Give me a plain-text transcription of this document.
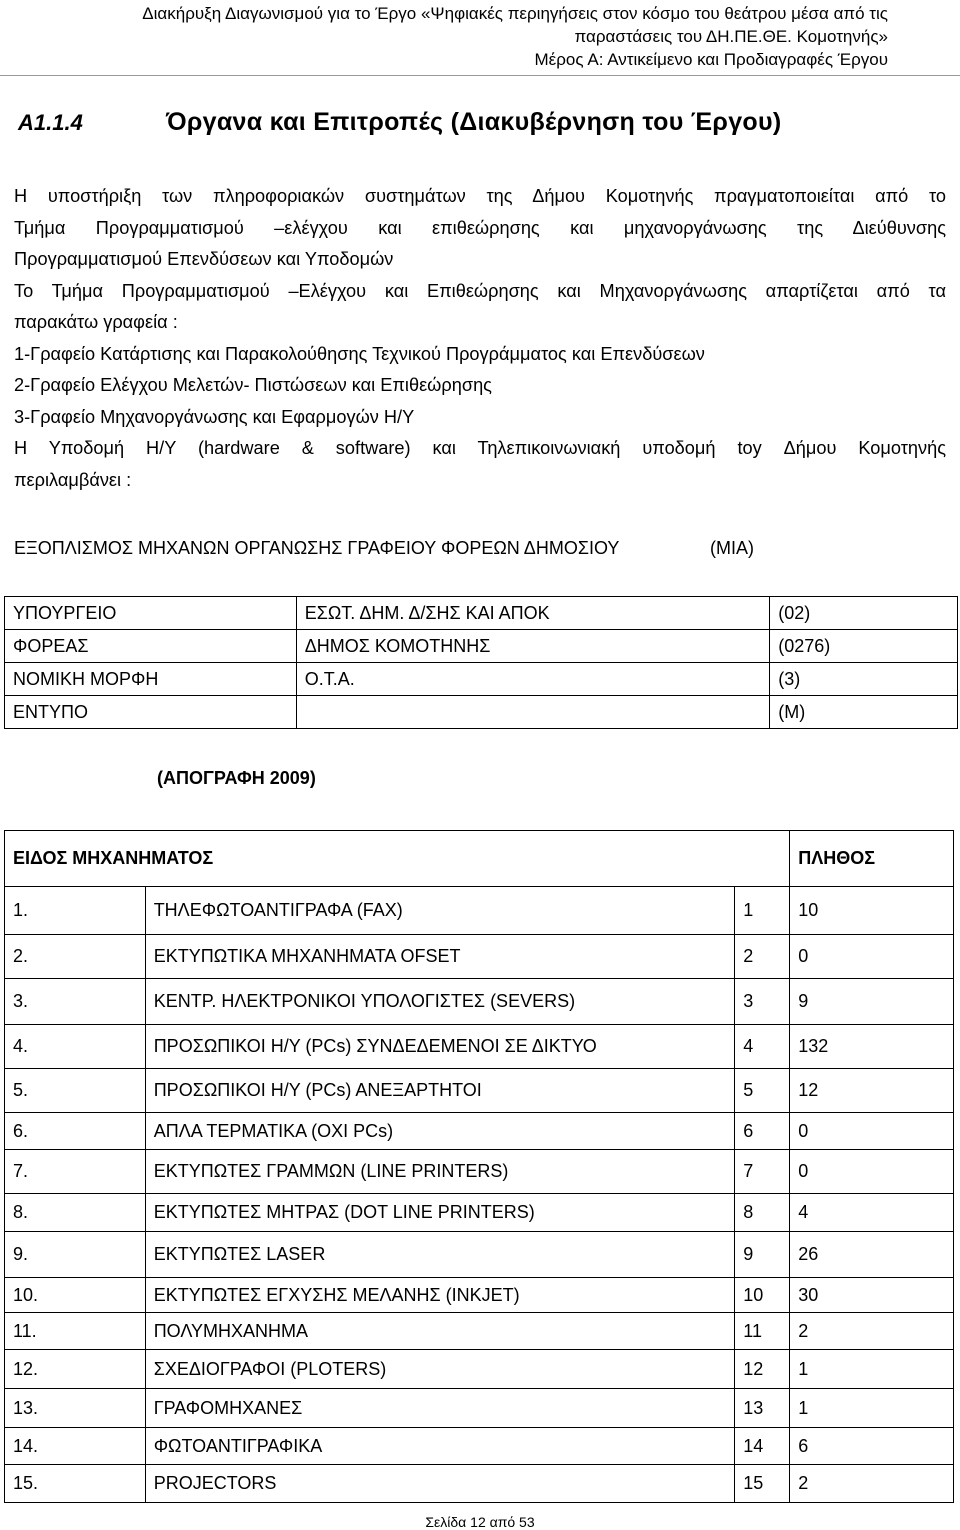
Διακήρυξη Διαγωνισμού για το Έργο «Ψηφιακές περιηγήσεις στον κόσμο του θεάτρου μέσα από τις
παραστάσεις του ΔΗ.ΠΕ.ΘΕ. Κομοτηνής»
Μέρος Α: Αντικείμενο και Προδιαγραφές Έργου
Α1.1.4	Όργανα και Επιτροπές (Διακυβέρνηση του Έργου)

Η υποστήριξη των πληροφοριακών συστημάτων της Δήμου Κομοτηνής πραγματοποιείται από το

Τμήμα Προγραμματισμού –ελέγχου και επιθεώρησης και μηχανοργάνωσης της Διεύθυνσης

Προγραμματισμού Επενδύσεων και Υποδομών

Το Τμήμα Προγραμματισμού –Ελέγχου και Επιθεώρησης και Μηχανοργάνωσης απαρτίζεται από τα

παρακάτω γραφεία :

1-Γραφείο Κατάρτισης και Παρακολούθησης Τεχνικού Προγράμματος και Επενδύσεων

2-Γραφείο Ελέγχου Μελετών- Πιστώσεων και Επιθεώρησης

3-Γραφείο Μηχανοργάνωσης και Εφαρμογών Η/Υ

Η Υποδομή Η/Υ (hardware & software) και Τηλεπικοινωνιακή υποδομή toy Δήμου Κομοτηνής

περιλαμβάνει :

ΕΞΟΠΛΙΣΜΟΣ ΜΗΧΑΝΩΝ ΟΡΓΑΝΩΣΗΣ ΓΡΑΦΕΙΟΥ ΦΟΡΕΩΝ ΔΗΜΟΣΙΟΥ	(ΜΙΑ)
ΥΠΟΥΡΓΕΙΟ	ΕΣΩΤ. ΔΗΜ. Δ/ΣΗΣ ΚΑΙ ΑΠΟΚ	(02)
ΦΟΡΕΑΣ	ΔΗΜΟΣ ΚΟΜΟΤΗΝΗΣ	(0276)
ΝΟΜΙΚΗ ΜΟΡΦΗ	Ο.Τ.Α.	(3)
ΕΝΤΥΠΟ		(Μ)
(ΑΠΟΓΡΑΦΗ 2009)
ΕΙΔΟΣ ΜΗΧΑΝΗΜΑΤΟΣ			ΠΛΗΘΟΣ
1.	ΤΗΛΕΦΩΤΟΑΝΤΙΓΡΑΦΑ (FAX)	1	10
2.	ΕΚΤΥΠΩΤΙΚΑ ΜΗΧΑΝΗΜΑΤΑ OFSET	2	0
3.	ΚΕΝΤΡ. ΗΛΕΚΤΡΟΝΙΚΟΙ ΥΠΟΛΟΓΙΣΤΕΣ (SEVERS)	3	9
4.	ΠΡΟΣΩΠΙΚΟΙ Η/Υ (PCs) ΣΥΝΔΕΔΕΜΕΝΟΙ ΣΕ ΔΙΚΤΥΟ	4	132
5.	ΠΡΟΣΩΠΙΚΟΙ Η/Υ (PCs) ΑΝΕΞΑΡΤΗΤΟΙ	5	12
6.	ΑΠΛΑ ΤΕΡΜΑΤΙΚΑ (ΟΧΙ PCs)	6	0
7.	ΕΚΤΥΠΩΤΕΣ ΓΡΑΜΜΩΝ (LINE PRINTERS)	7	0
8.	ΕΚΤΥΠΩΤΕΣ ΜΗΤΡΑΣ (DOT LINE PRINTERS)	8	4
9.	ΕΚΤΥΠΩΤΕΣ LASER	9	26
10.	ΕΚΤΥΠΩΤΕΣ ΕΓΧΥΣΗΣ ΜΕΛΑΝΗΣ (INKJET)	10	30
11.	ΠΟΛΥΜΗΧΑΝΗΜΑ	11	2
12.	ΣΧΕΔΙΟΓΡΑΦΟΙ (PLOTERS)	12	1
13.	ΓΡΑΦΟΜΗΧΑΝΕΣ	13	1
14.	ΦΩΤΟΑΝΤΙΓΡΑΦΙΚΑ	14	6
15.	PROJECTORS	15	2
Σελίδα 12 από 53
